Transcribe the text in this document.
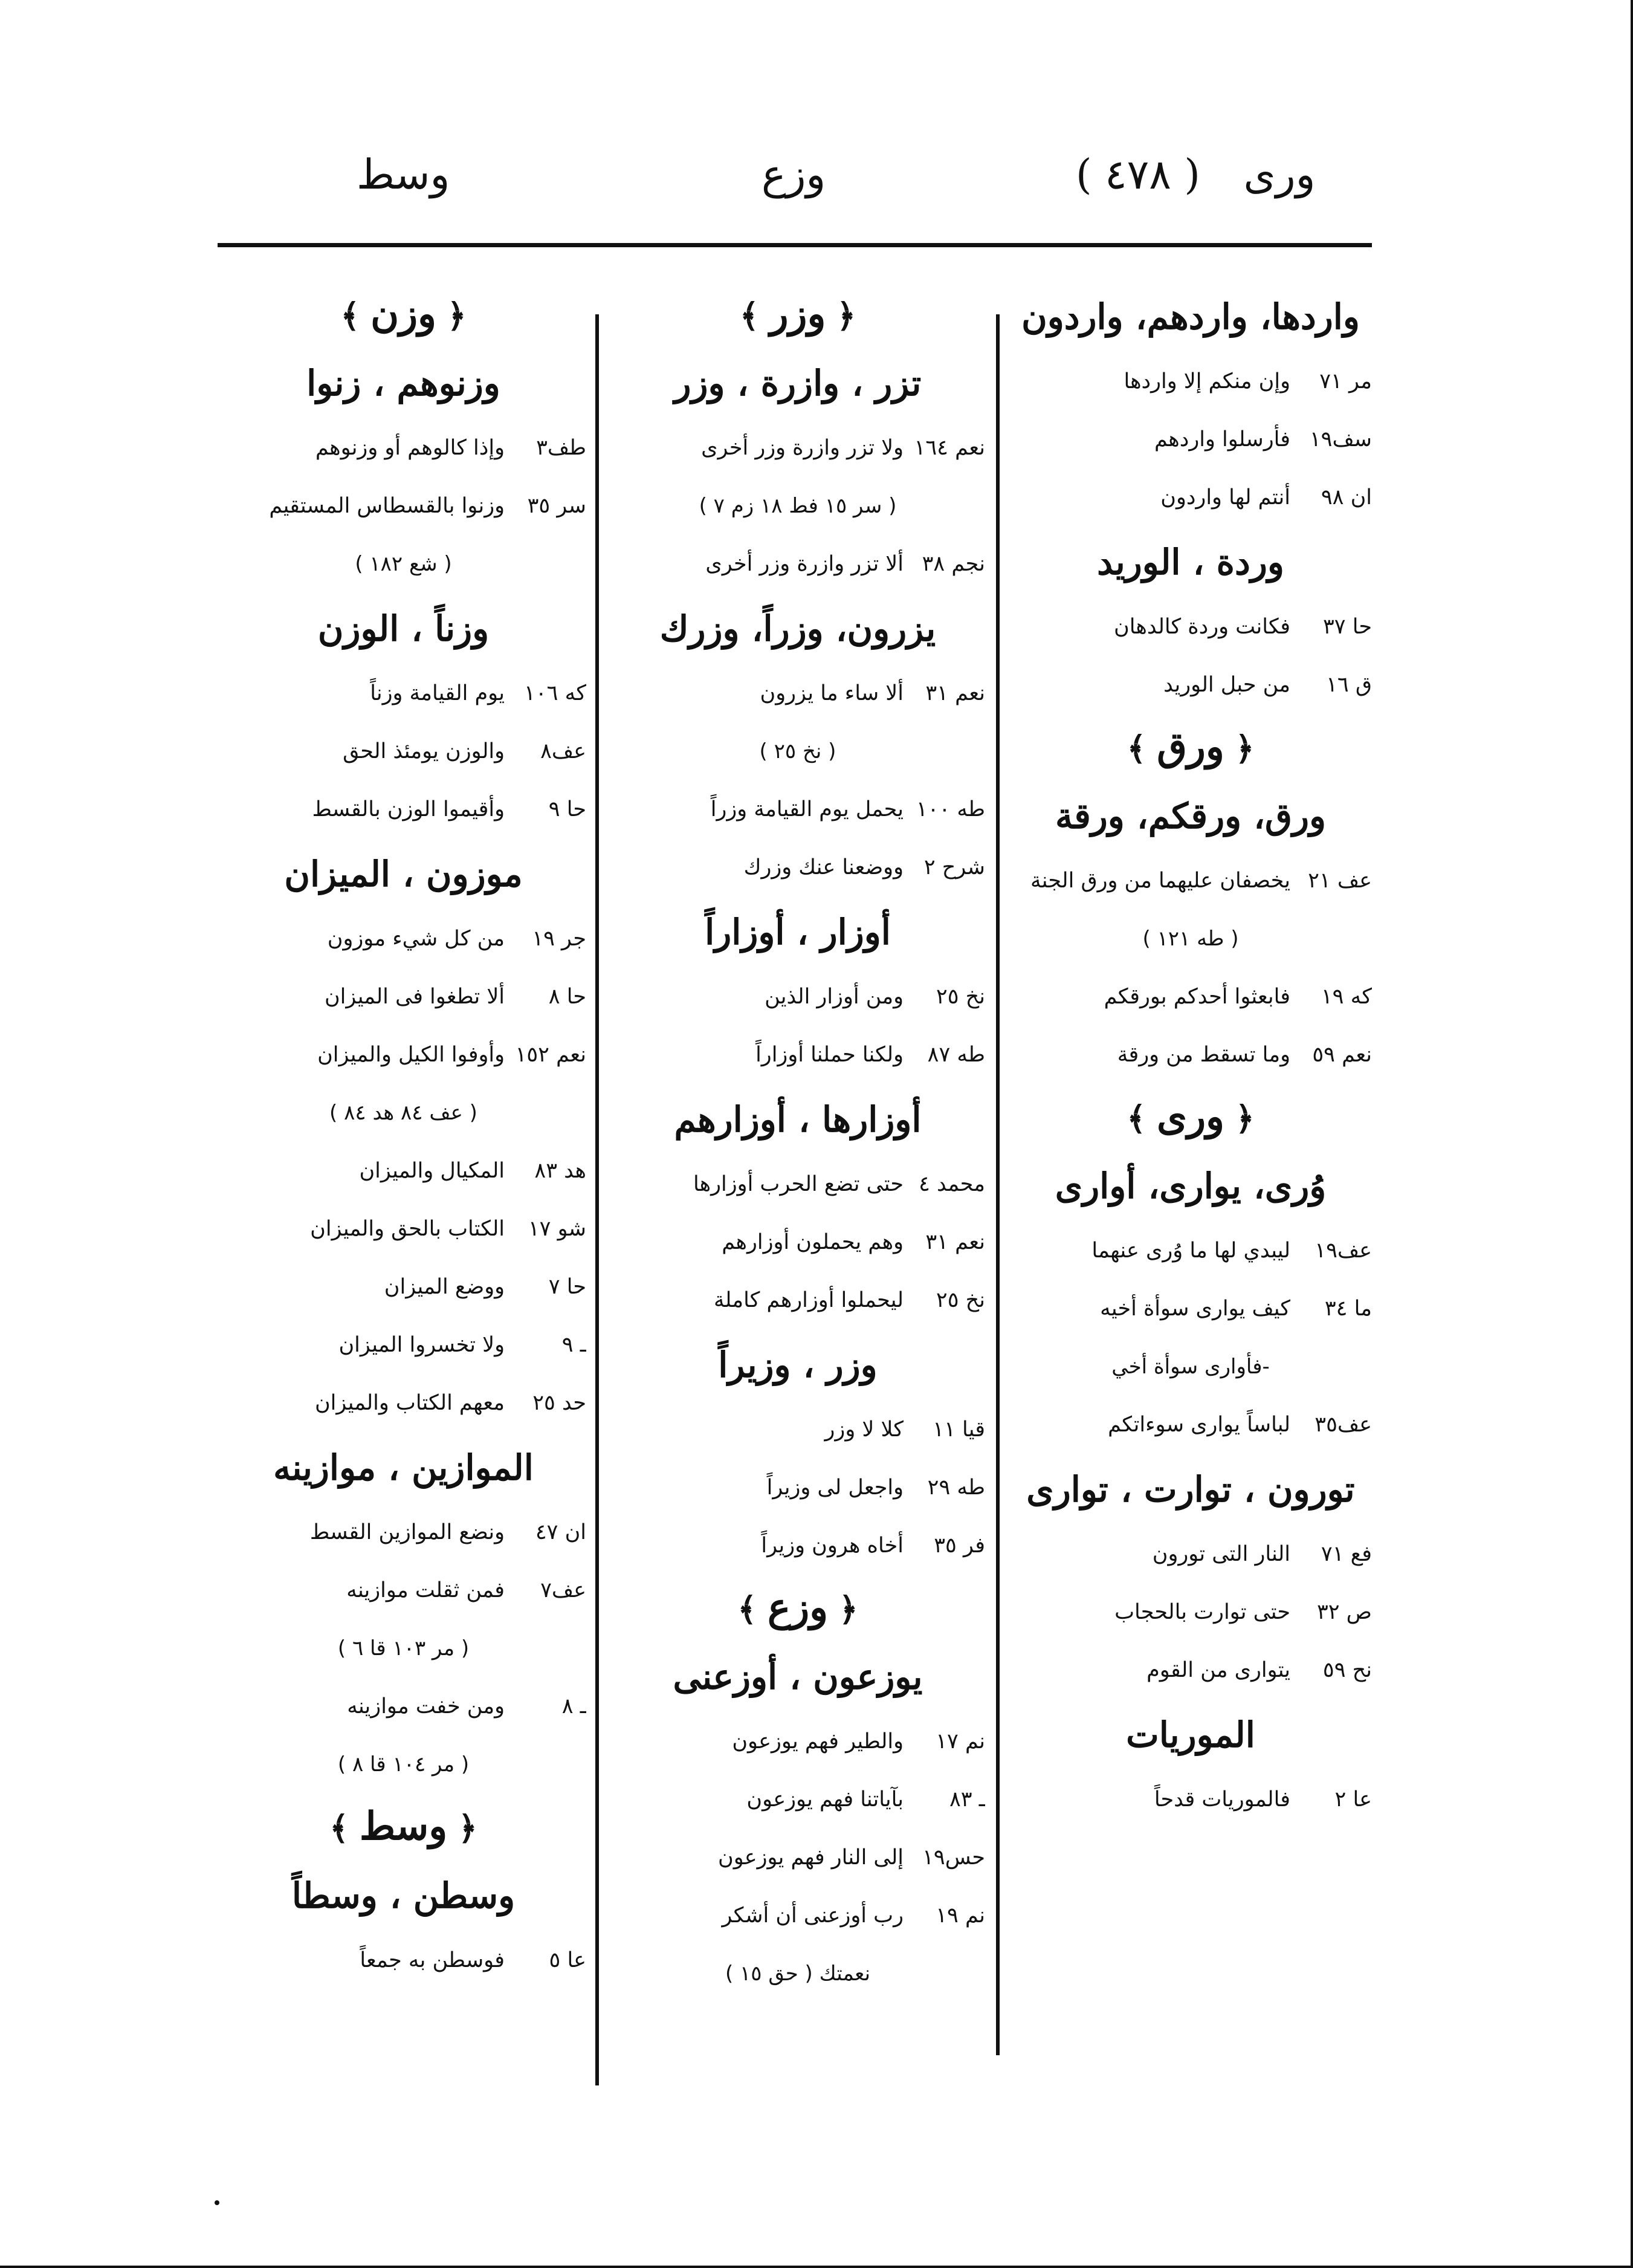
وسط	وزع	ورى ( ٤٧٨ )
واردها، واردهم، واردون
مر ٧١
وإن منكم إلا واردها
سف١٩
فأرسلوا واردهم
ان ٩٨
أنتم لها واردون
وردة ، الوريد
حا ٣٧
فكانت وردة كالدهان
ق ١٦
من حبل الوريد
﴿ورق﴾
ورق، ورقكم، ورقة
عف ٢١
يخصفان عليهما من ورق الجنة
( طه ١٢١ )
كه ١٩
فابعثوا أحدكم بورقكم
نعم ٥٩
وما تسقط من ورقة
﴿ورى﴾
وُرى، يوارى، أوارى
عف١٩
ليبدي لها ما وُرى عنهما
ما ٣٤
كيف يوارى سوأة أخيه
-فأوارى سوأة أخي
عف٣٥
لباساً يوارى سوءاتكم
تورون ، توارت ، توارى
فع ٧١
النار التى تورون
ص ٣٢
حتى توارت بالحجاب
نح ٥٩
يتوارى من القوم
الموريات
عا ٢
فالموريات قدحاً
﴿وزر﴾
تزر ، وازرة ، وزر
نعم ١٦٤
ولا تزر وازرة وزر أخرى
( سر ١٥ فط ١٨ زم ٧ )
نجم ٣٨
ألا تزر وازرة وزر أخرى
يزرون، وزراً، وزرك
نعم ٣١
ألا ساء ما يزرون
( نخ ٢٥ )
طه ١٠٠
يحمل يوم القيامة وزراً
شرح ٢
ووضعنا عنك وزرك
أوزار ، أوزاراً
نخ ٢٥
ومن أوزار الذين
طه ٨٧
ولكنا حملنا أوزاراً
أوزارها ، أوزارهم
محمد ٤
حتى تضع الحرب أوزارها
نعم ٣١
وهم يحملون أوزارهم
نخ ٢٥
ليحملوا أوزارهم كاملة
وزر ، وزيراً
قيا ١١
كلا لا وزر
طه ٢٩
واجعل لى وزيراً
فر ٣٥
أخاه هرون وزيراً
﴿وزع﴾
يوزعون ، أوزعنى
نم ١٧
والطير فهم يوزعون
ـ ٨٣
بآياتنا فهم يوزعون
حس١٩
إلى النار فهم يوزعون
نم ١٩
رب أوزعنى أن أشكر
نعمتك ( حق ١٥ )
﴿وزن﴾
وزنوهم ، زنوا
طف٣
وإذا كالوهم أو وزنوهم
سر ٣٥
وزنوا بالقسطاس المستقيم
( شع ١٨٢ )
وزناً ، الوزن
كه ١٠٦
يوم القيامة وزناً
عف٨
والوزن يومئذ الحق
حا ٩
وأقيموا الوزن بالقسط
موزون ، الميزان
جر ١٩
من كل شيء موزون
حا ٨
ألا تطغوا فى الميزان
نعم ١٥٢
وأوفوا الكيل والميزان
( عف ٨٤ هد ٨٤ )
هد ٨٣
المكيال والميزان
شو ١٧
الكتاب بالحق والميزان
حا ٧
ووضع الميزان
ـ ٩
ولا تخسروا الميزان
حد ٢٥
معهم الكتاب والميزان
الموازين ، موازينه
ان ٤٧
ونضع الموازين القسط
عف٧
فمن ثقلت موازينه
( مر ١٠٣ قا ٦ )
ـ ٨
ومن خفت موازينه
( مر ١٠٤ قا ٨ )
﴿وسط﴾
وسطن ، وسطاً
عا ٥
فوسطن به جمعاً
